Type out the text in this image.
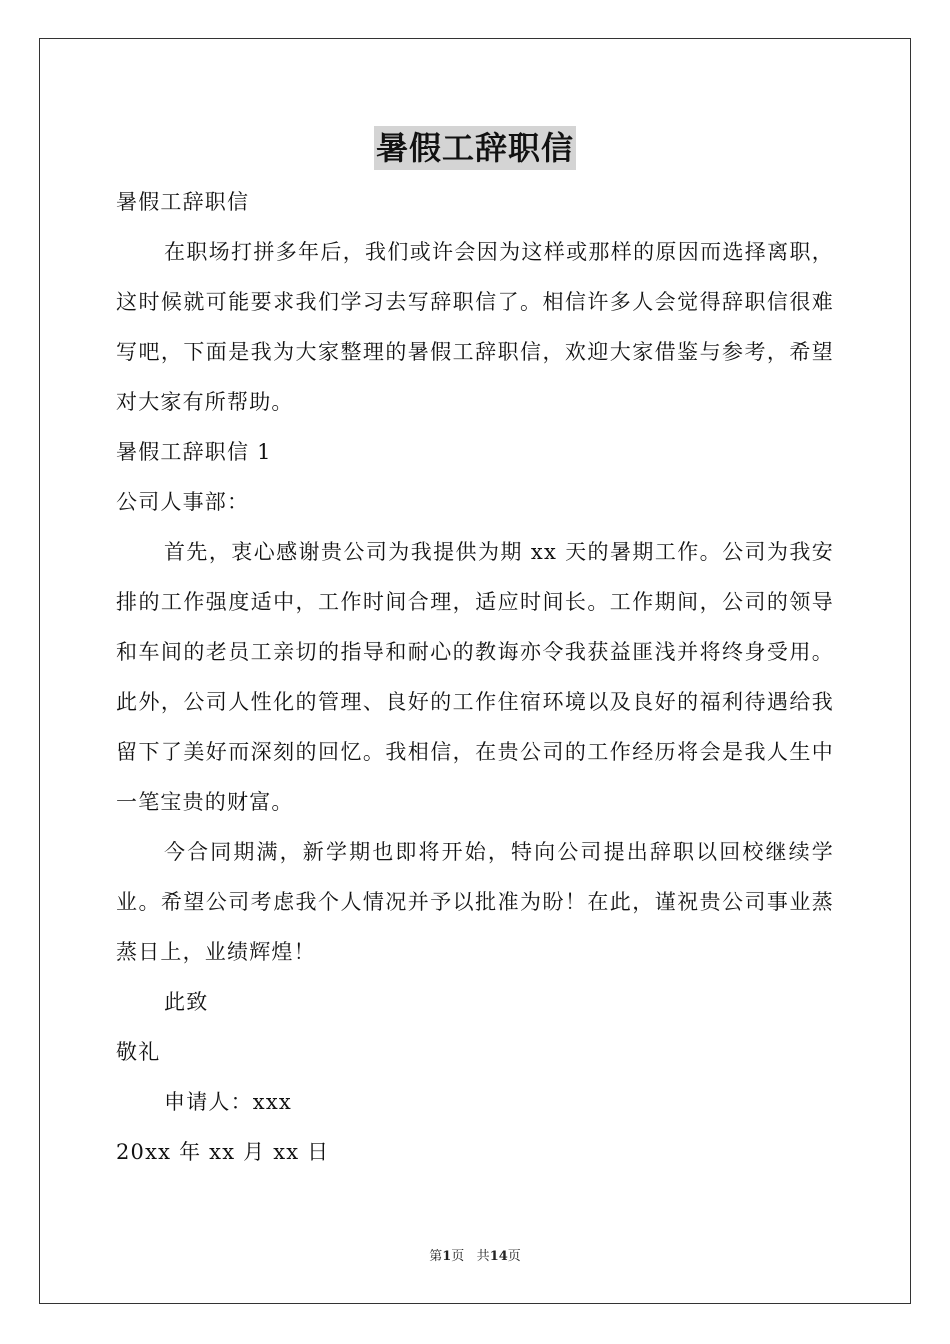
暑假工辞职信

暑假工辞职信

在职场打拼多年后，我们或许会因为这样或那样的原因而选择离职，这时候就可能要求我们学习去写辞职信了。相信许多人会觉得辞职信很难写吧，下面是我为大家整理的暑假工辞职信，欢迎大家借鉴与参考，希望对大家有所帮助。

暑假工辞职信 1

公司人事部：

首先，衷心感谢贵公司为我提供为期 xx 天的暑期工作。公司为我安排的工作强度适中，工作时间合理，适应时间长。工作期间，公司的领导和车间的老员工亲切的指导和耐心的教诲亦令我获益匪浅并将终身受用。此外，公司人性化的管理、良好的工作住宿环境以及良好的福利待遇给我留下了美好而深刻的回忆。我相信，在贵公司的工作经历将会是我人生中一笔宝贵的财富。

今合同期满，新学期也即将开始，特向公司提出辞职以回校继续学业。希望公司考虑我个人情况并予以批准为盼！在此，谨祝贵公司事业蒸蒸日上，业绩辉煌！

此致

敬礼

申请人：xxx

20xx 年 xx 月 xx 日

第1页 共14页
